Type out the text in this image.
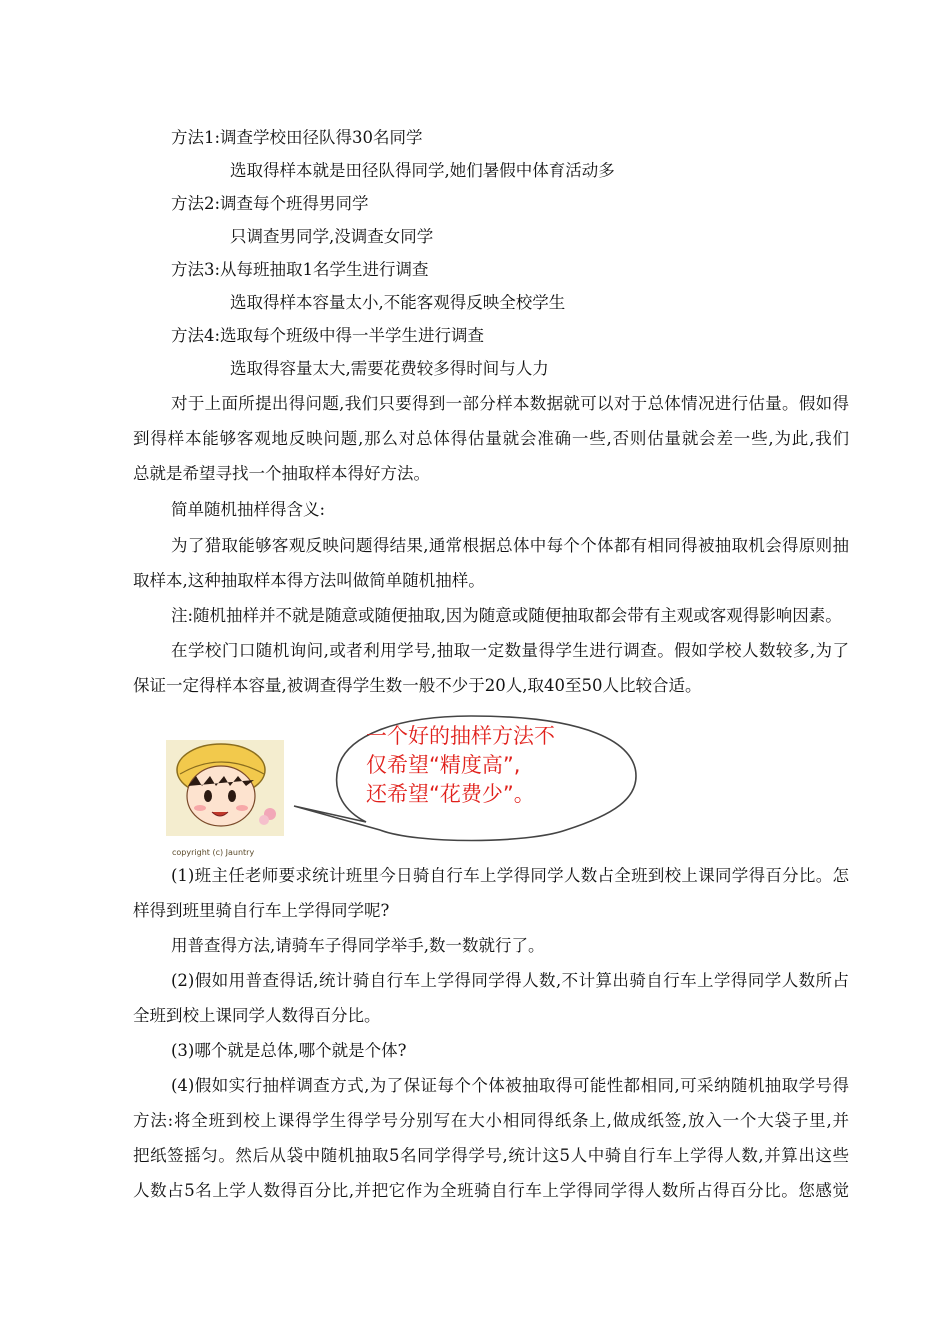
方法1:调查学校田径队得30名同学
选取得样本就是田径队得同学,她们暑假中体育活动多
方法2:调查每个班得男同学
只调查男同学,没调查女同学
方法3:从每班抽取1名学生进行调查
选取得样本容量太小,不能客观得反映全校学生
方法4:选取每个班级中得一半学生进行调查
选取得容量太大,需要花费较多得时间与人力
对于上面所提出得问题,我们只要得到一部分样本数据就可以对于总体情况进行估量。假如得
到得样本能够客观地反映问题,那么对总体得估量就会准确一些,否则估量就会差一些,为此,我们
总就是希望寻找一个抽取样本得好方法。
简单随机抽样得含义:
为了猎取能够客观反映问题得结果,通常根据总体中每个个体都有相同得被抽取机会得原则抽
取样本,这种抽取样本得方法叫做简单随机抽样。
注:随机抽样并不就是随意或随便抽取,因为随意或随便抽取都会带有主观或客观得影响因素。
在学校门口随机询问,或者利用学号,抽取一定数量得学生进行调查。假如学校人数较多,为了
保证一定得样本容量,被调查得学生数一般不少于20人,取40至50人比较合适。
copyright (c) Jauntry
一个好的抽样方法不
仅希望“精度高”,
还希望“花费少”。
(1)班主任老师要求统计班里今日骑自行车上学得同学人数占全班到校上课同学得百分比。怎
样得到班里骑自行车上学得同学呢?
用普查得方法,请骑车子得同学举手,数一数就行了。
(2)假如用普查得话,统计骑自行车上学得同学得人数,不计算出骑自行车上学得同学人数所占
全班到校上课同学人数得百分比。
(3)哪个就是总体,哪个就是个体?
(4)假如实行抽样调查方式,为了保证每个个体被抽取得可能性都相同,可采纳随机抽取学号得
方法:将全班到校上课得学生得学号分别写在大小相同得纸条上,做成纸签,放入一个大袋子里,并
把纸签摇匀。然后从袋中随机抽取5名同学得学号,统计这5人中骑自行车上学得人数,并算出这些
人数占5名上学人数得百分比,并把它作为全班骑自行车上学得同学得人数所占得百分比。您感觉
